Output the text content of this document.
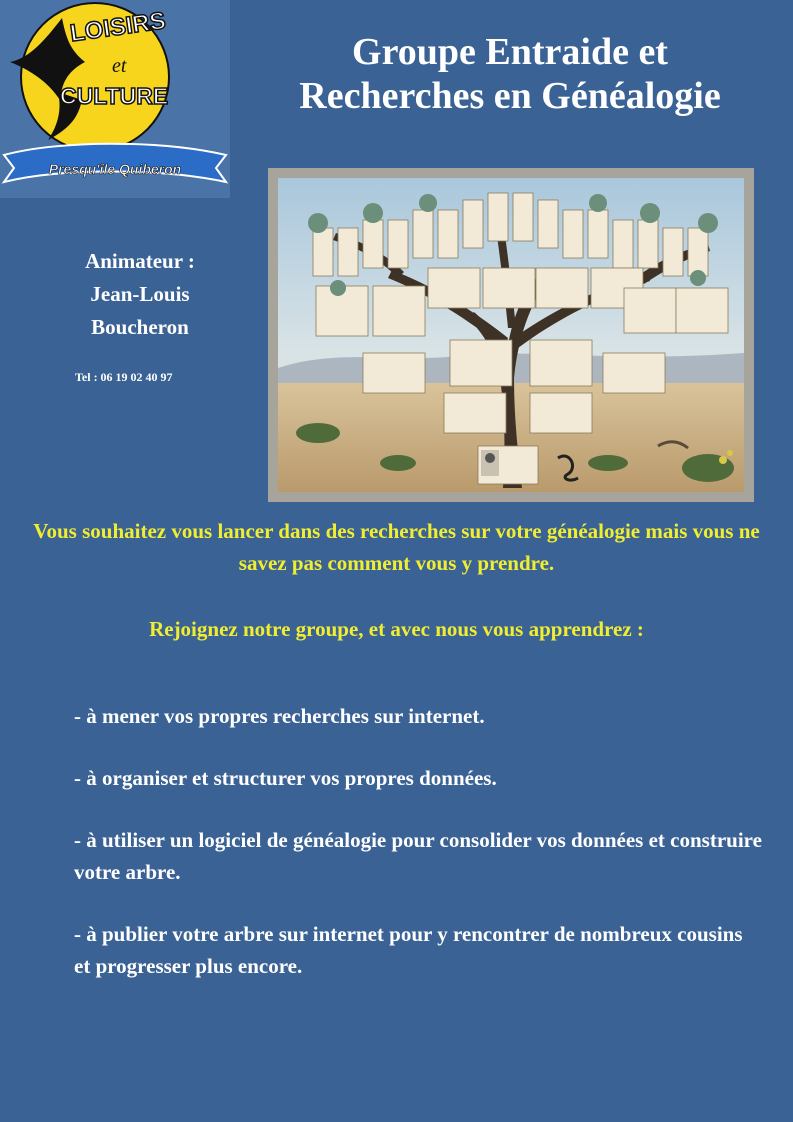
LOISIRS
et
CULTURE
Presqu'île Quiberon
Groupe Entraide et
Recherches en Généalogie
Animateur :
Jean-Louis
Boucheron
Tel : 06 19 02 40 97
Vous souhaitez vous lancer dans des recherches sur votre généalogie mais vous ne savez pas comment vous y prendre.
Rejoignez notre groupe, et avec nous vous apprendrez :

- à mener vos propres recherches sur internet.

- à organiser et structurer vos propres données.

- à utiliser un logiciel de généalogie pour consolider vos données et construire votre arbre.

- à publier votre arbre sur internet pour y rencontrer de nombreux cousins et progresser plus encore.
